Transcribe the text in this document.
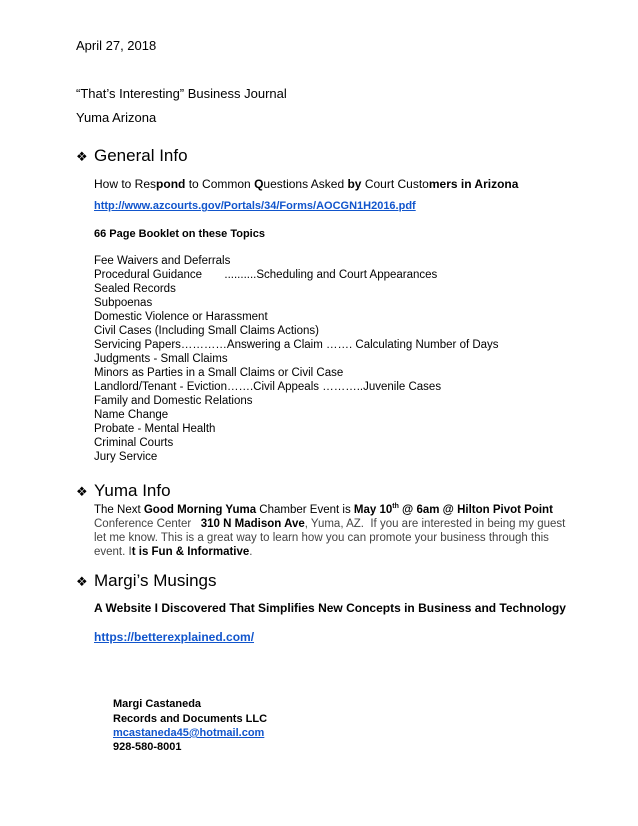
April 27, 2018
“That’s Interesting” Business Journal
Yuma Arizona
❖ General Info
How to Respond to Common Questions Asked by Court Customers in Arizona
http://www.azcourts.gov/Portals/34/Forms/AOCGN1H2016.pdf
66 Page Booklet on these Topics
Fee Waivers and Deferrals
Procedural Guidance       ..........Scheduling and Court Appearances
Sealed Records
Subpoenas
Domestic Violence or Harassment
Civil Cases (Including Small Claims Actions)
Servicing Papers…………Answering a Claim ……. Calculating Number of Days
Judgments - Small Claims
Minors as Parties in a Small Claims or Civil Case
Landlord/Tenant - Eviction…….Civil Appeals ………..Juvenile Cases
Family and Domestic Relations
Name Change
Probate - Mental Health
Criminal Courts
Jury Service
❖ Yuma Info
The Next Good Morning Yuma Chamber Event is May 10th @ 6am @ Hilton Pivot Point
Conference Center   310 N Madison Ave, Yuma, AZ.  If you are interested in being my guest
let me know. This is a great way to learn how you can promote your business through this
event. It is Fun & Informative.
❖ Margi’s Musings
A Website I Discovered That Simplifies New Concepts in Business and Technology
https://betterexplained.com/
Margi Castaneda
Records and Documents LLC
mcastaneda45@hotmail.com
928-580-8001
